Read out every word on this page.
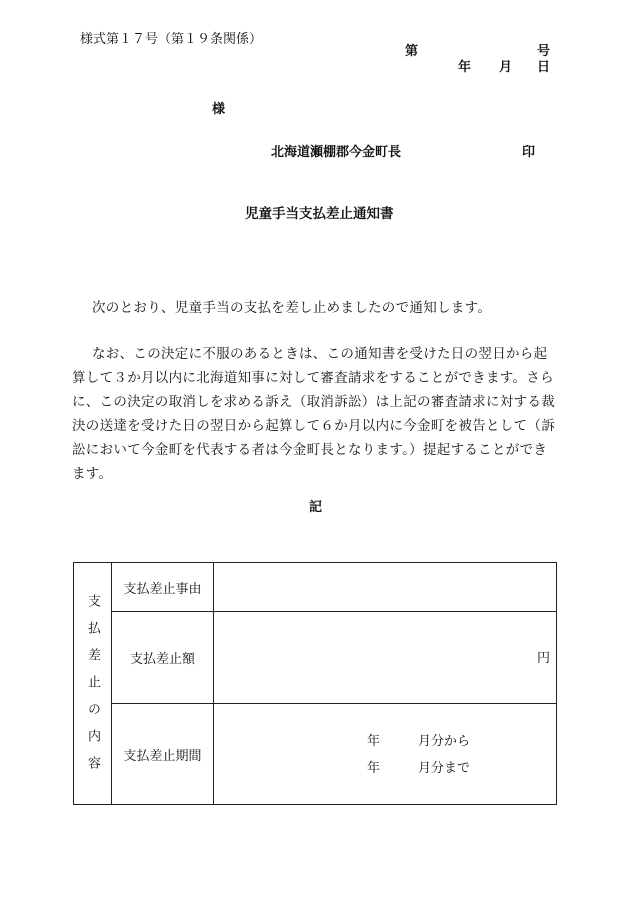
様式第１７号（第１９条関係）
第	号
年 月 日
様
北海道瀬棚郡今金町長	印
児童手当支払差止通知書
次のとおり、児童手当の支払を差し止めましたので通知します。
なお、この決定に不服のあるときは、この通知書を受けた日の翌日から起算して３か月以内に北海道知事に対して審査請求をすることができます。さらに、この決定の取消しを求める訴え（取消訴訟）は上記の審査請求に対する裁決の送達を受けた日の翌日から起算して６か月以内に今金町を被告として（訴訟において今金町を代表する者は今金町長となります。）提起することができます。
記
支払差止の内容	支払差止事由	
	支払差止額	円

	支払差止期間	年 月分から
年 月分まで
